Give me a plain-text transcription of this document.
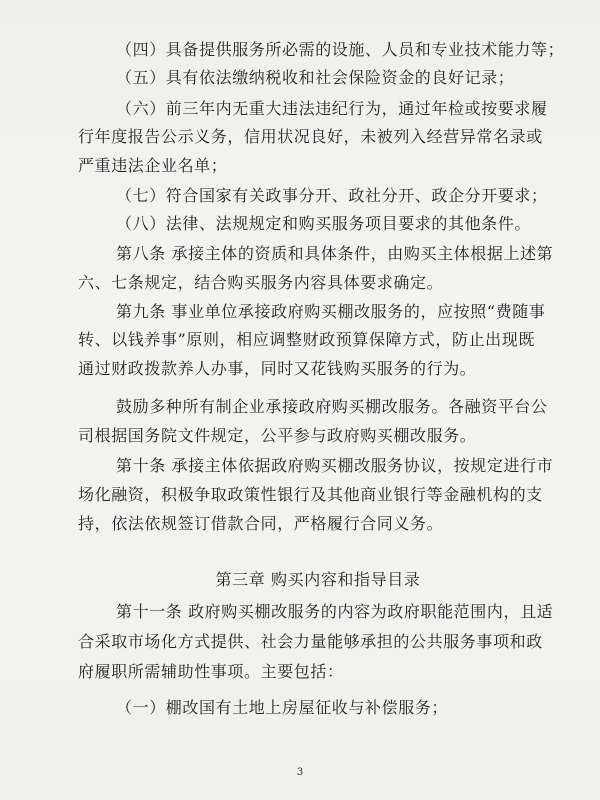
（四）具备提供服务所必需的设施、人员和专业技术能力等；
（五）具有依法缴纳税收和社会保险资金的良好记录；
（六）前三年内无重大违法违纪行为，通过年检或按要求履
行年度报告公示义务，信用状况良好，未被列入经营异常名录或
严重违法企业名单；
（七）符合国家有关政事分开、政社分开、政企分开要求；
（八）法律、法规规定和购买服务项目要求的其他条件。
第八条 承接主体的资质和具体条件，由购买主体根据上述第
六、七条规定，结合购买服务内容具体要求确定。
第九条 事业单位承接政府购买棚改服务的，应按照“费随事
转、以钱养事”原则，相应调整财政预算保障方式，防止出现既
通过财政拨款养人办事，同时又花钱购买服务的行为。
鼓励多种所有制企业承接政府购买棚改服务。各融资平台公
司根据国务院文件规定，公平参与政府购买棚改服务。
第十条 承接主体依据政府购买棚改服务协议，按规定进行市
场化融资，积极争取政策性银行及其他商业银行等金融机构的支
持，依法依规签订借款合同，严格履行合同义务。
第三章 购买内容和指导目录
第十一条 政府购买棚改服务的内容为政府职能范围内，且适
合采取市场化方式提供、社会力量能够承担的公共服务事项和政
府履职所需辅助性事项。主要包括：
（一）棚改国有土地上房屋征收与补偿服务；
3
